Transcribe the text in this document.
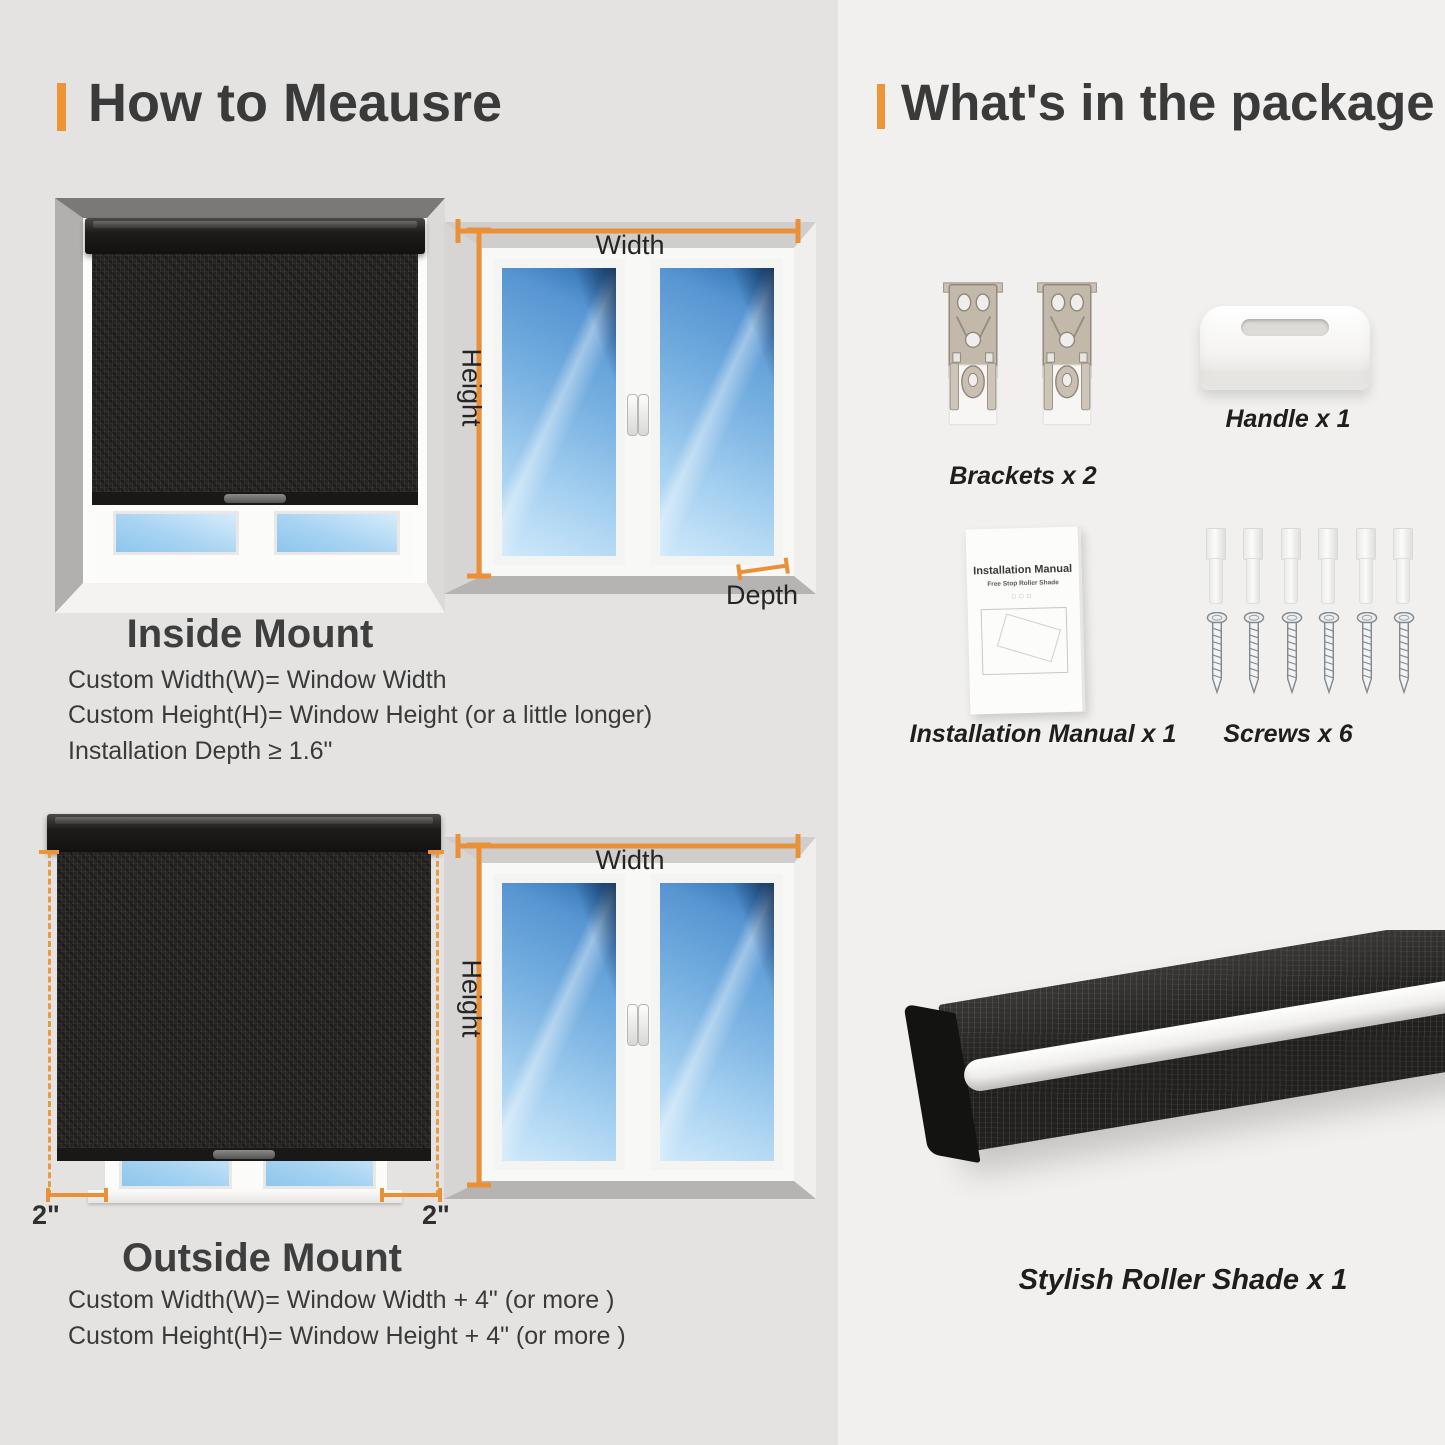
How to Meausre
Width
Height
Depth
Inside Mount
Custom Width(W)= Window Width
Custom Height(H)= Window Height (or a little longer)
Installation Depth ≥ 1.6"
2"	2"
Width
Height
Outside Mount
Custom Width(W)= Window Width + 4" (or more )
Custom Height(H)= Window Height + 4" (or more )
What's in the package
Brackets x 2
Handle x 1
Installation Manual
Free Stop Roller Shade
□□□
Installation Manual x 1

	Screws x 6
Stylish Roller Shade x 1
